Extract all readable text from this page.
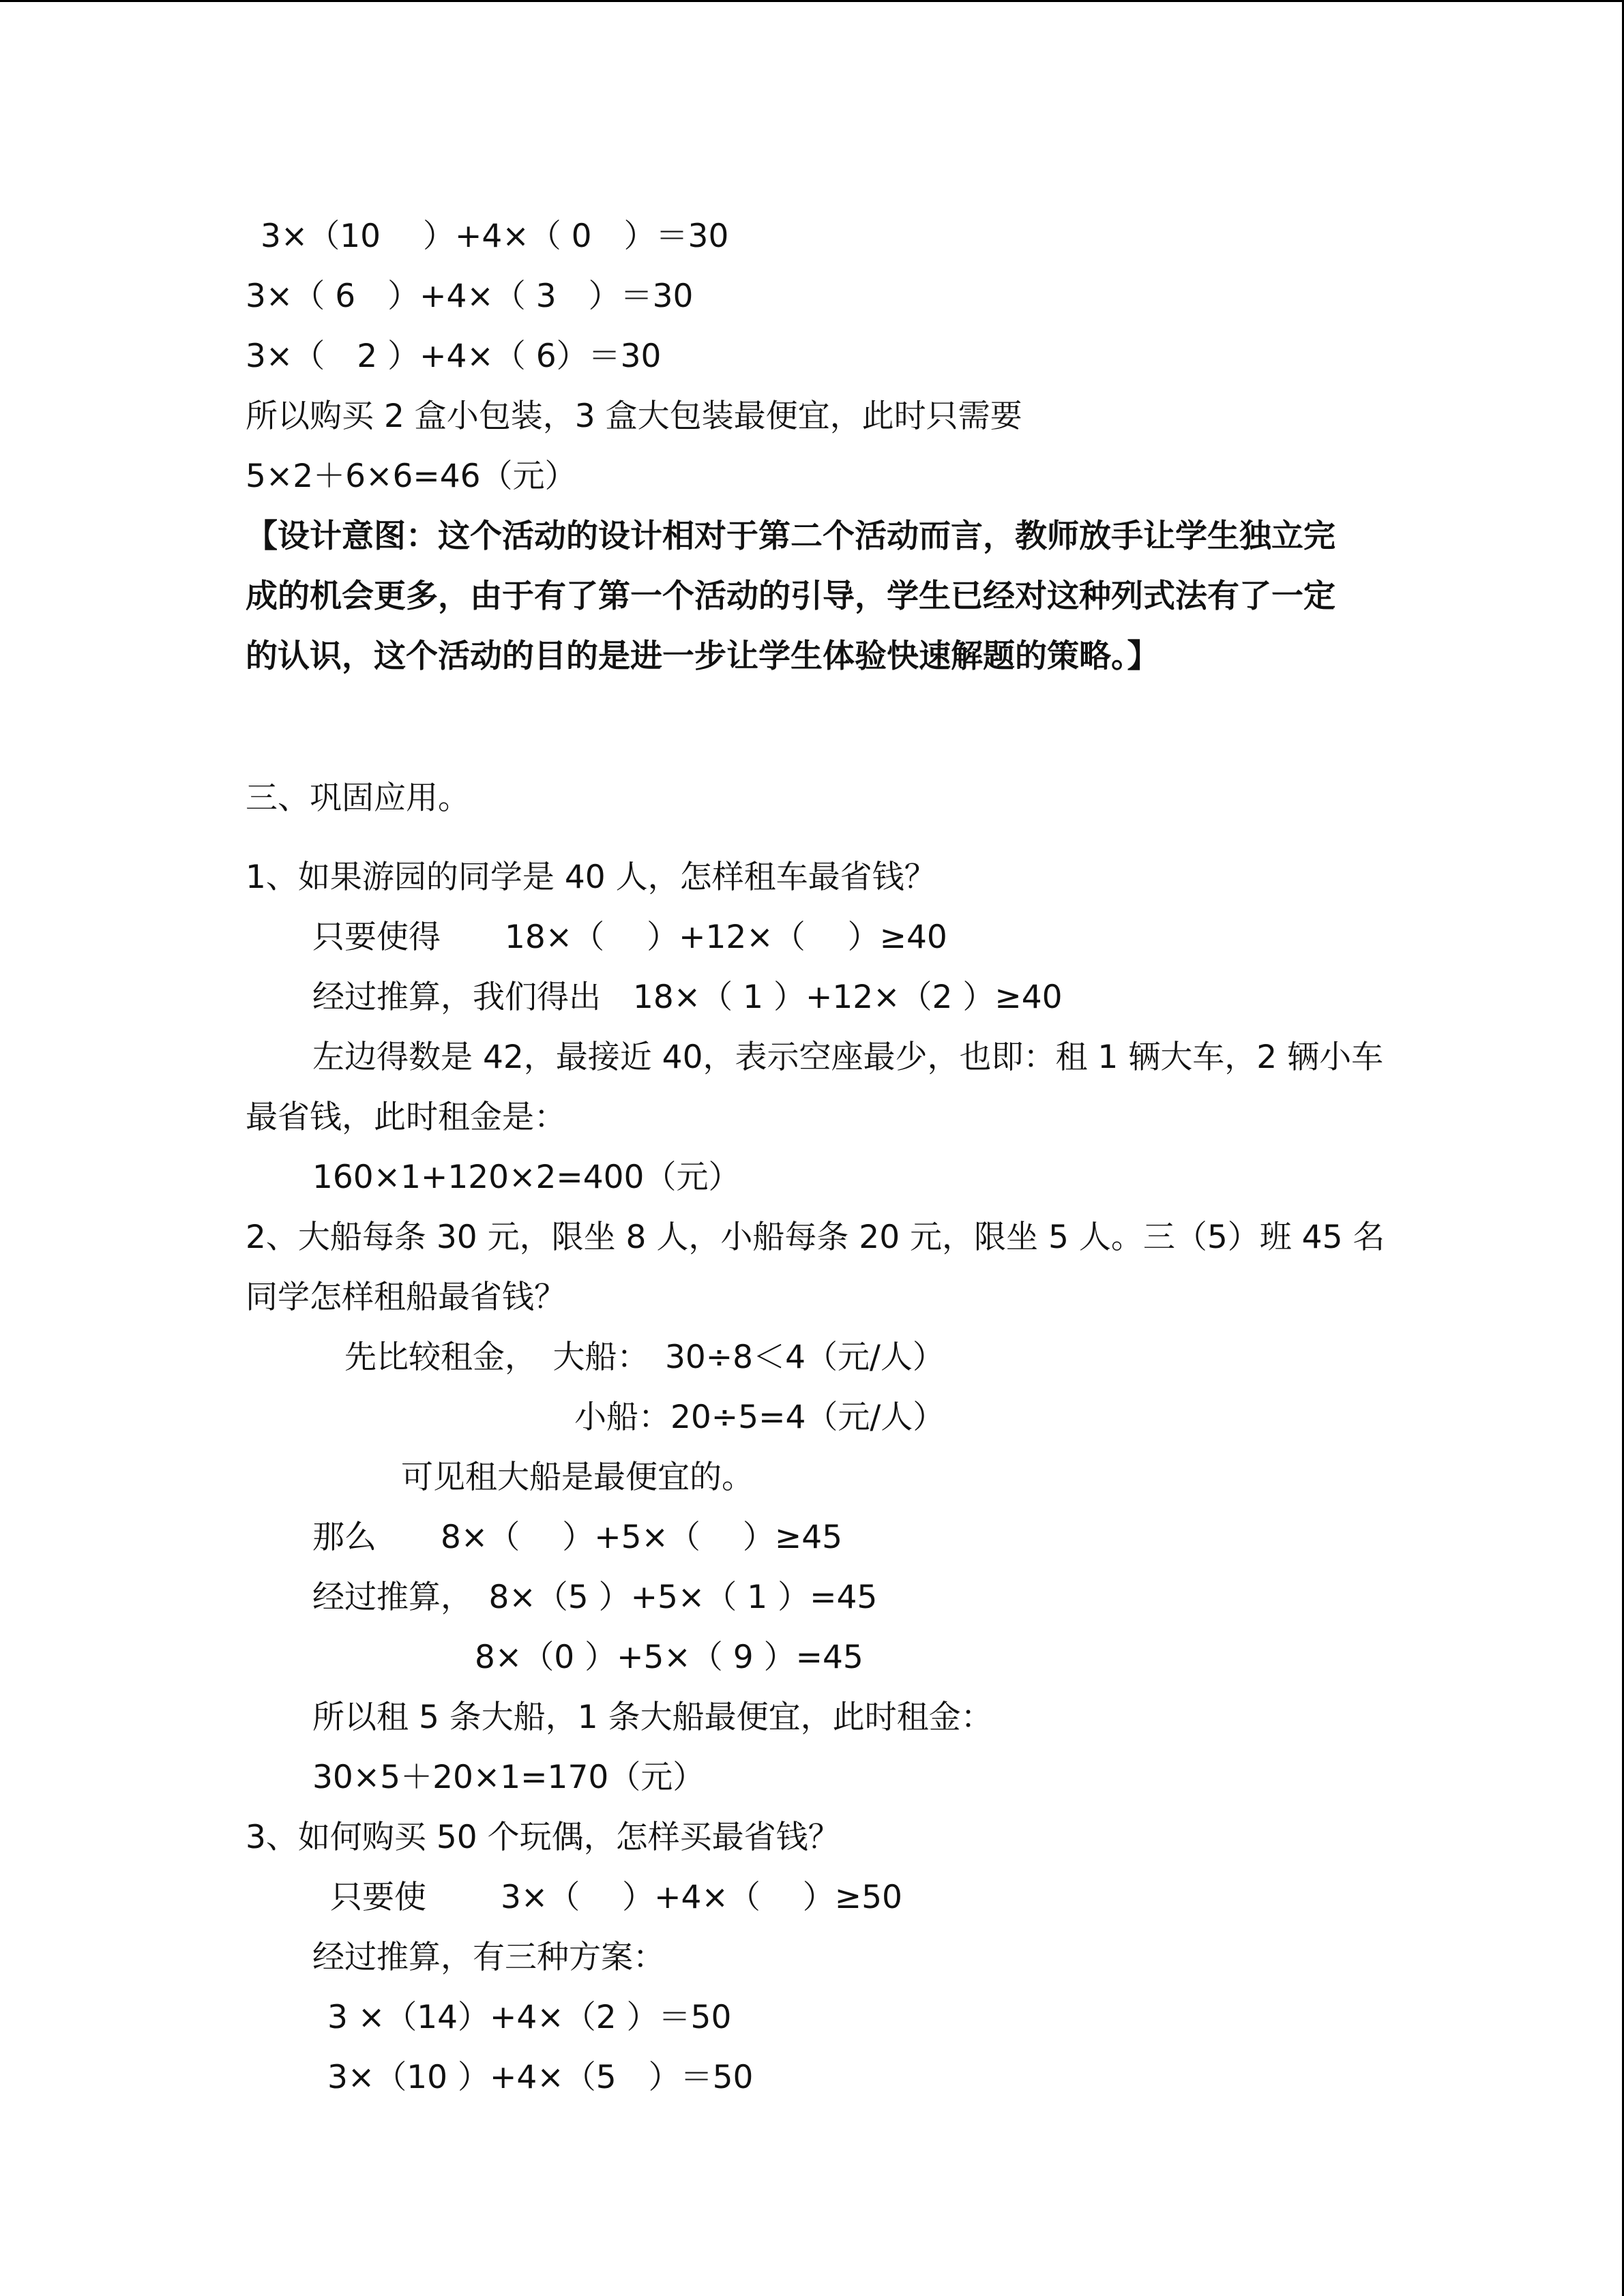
3×（10　 ）+4×（ 0　）＝30
3×（ 6　）+4×（ 3　）＝30
3×（　2 ）+4×（ 6）＝30
所以购买 2 盒小包装，3 盒大包装最便宜，此时只需要
5×2＋6×6=46（元）
【设计意图：这个活动的设计相对于第二个活动而言，教师放手让学生独立完
成的机会更多，由于有了第一个活动的引导，学生已经对这种列式法有了一定
的认识，这个活动的目的是进一步让学生体验快速解题的策略。】
三、巩固应用。
1、如果游园的同学是 40 人，怎样租车最省钱？
只要使得　　18×（　 ）+12×（　 ）≥40
经过推算，我们得出　18×（ 1 ）+12×（2 ）≥40
左边得数是 42，最接近 40，表示空座最少，也即：租 1 辆大车，2 辆小车
最省钱，此时租金是：
160×1+120×2=400（元）
2、大船每条 30 元，限坐 8 人，小船每条 20 元，限坐 5 人。三（5）班 45 名
同学怎样租船最省钱？
先比较租金，　大船：　30÷8＜4（元/人）
小船：20÷5=4（元/人）
可见租大船是最便宜的。
那么　　8×（　 ）+5×（　 ）≥45
经过推算，　8×（5 ）+5×（ 1 ）=45
8×（0 ）+5×（ 9 ）=45
所以租 5 条大船，1 条大船最便宜，此时租金：
30×5＋20×1=170（元）
3、如何购买 50 个玩偶，怎样买最省钱？
只要使　　 3×（　 ）+4×（　 ）≥50
经过推算，有三种方案：
3 ×（14）+4×（2 ）＝50
3×（10 ）+4×（5　）＝50
